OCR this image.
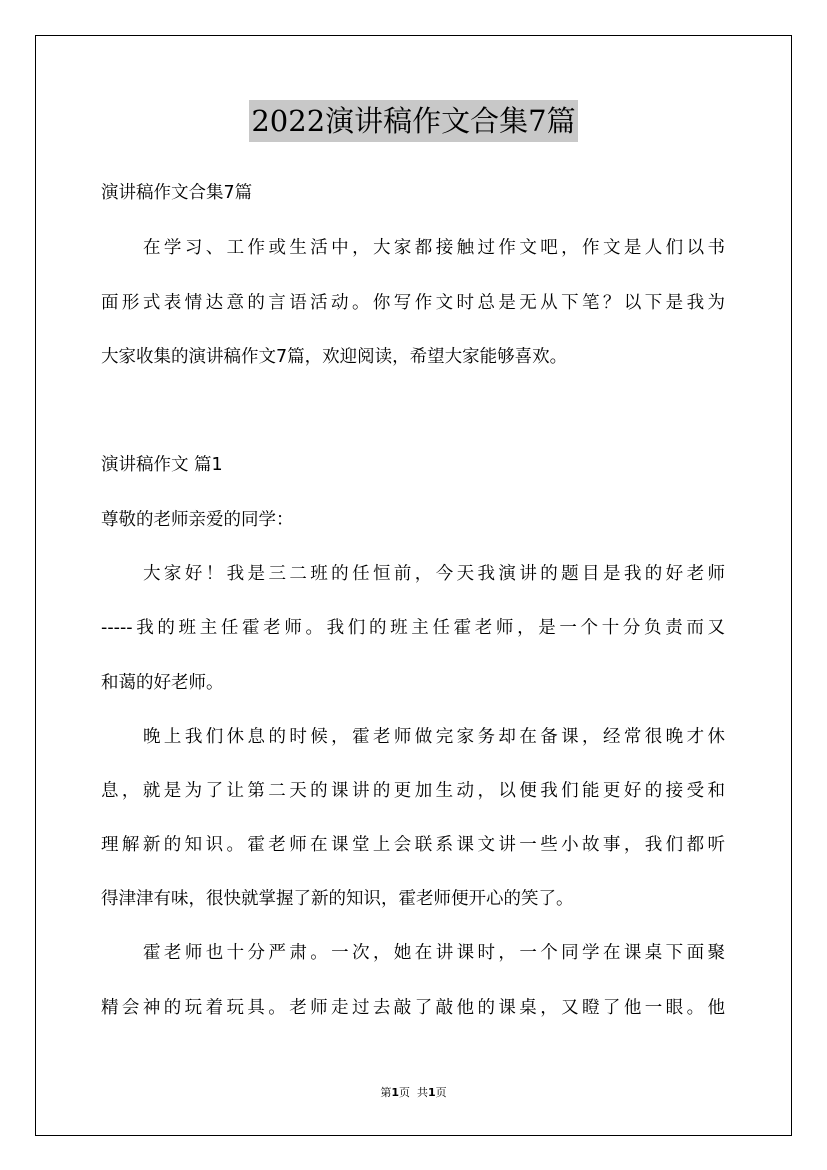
2022演讲稿作文合集7篇
演讲稿作文合集7篇
在学习、工作或生活中，大家都接触过作文吧，作文是人们以书
面形式表情达意的言语活动。你写作文时总是无从下笔？以下是我为
大家收集的演讲稿作文7篇，欢迎阅读，希望大家能够喜欢。
演讲稿作文 篇1
尊敬的老师亲爱的同学：
大家好！我是三二班的任恒前，今天我演讲的题目是我的好老师
-----我的班主任霍老师。我们的班主任霍老师，是一个十分负责而又
和蔼的好老师。
晚上我们休息的时候，霍老师做完家务却在备课，经常很晚才休
息，就是为了让第二天的课讲的更加生动，以便我们能更好的接受和
理解新的知识。霍老师在课堂上会联系课文讲一些小故事，我们都听
得津津有味，很快就掌握了新的知识，霍老师便开心的笑了。
霍老师也十分严肃。一次，她在讲课时，一个同学在课桌下面聚
精会神的玩着玩具。老师走过去敲了敲他的课桌，又瞪了他一眼。他
第1页 共1页
